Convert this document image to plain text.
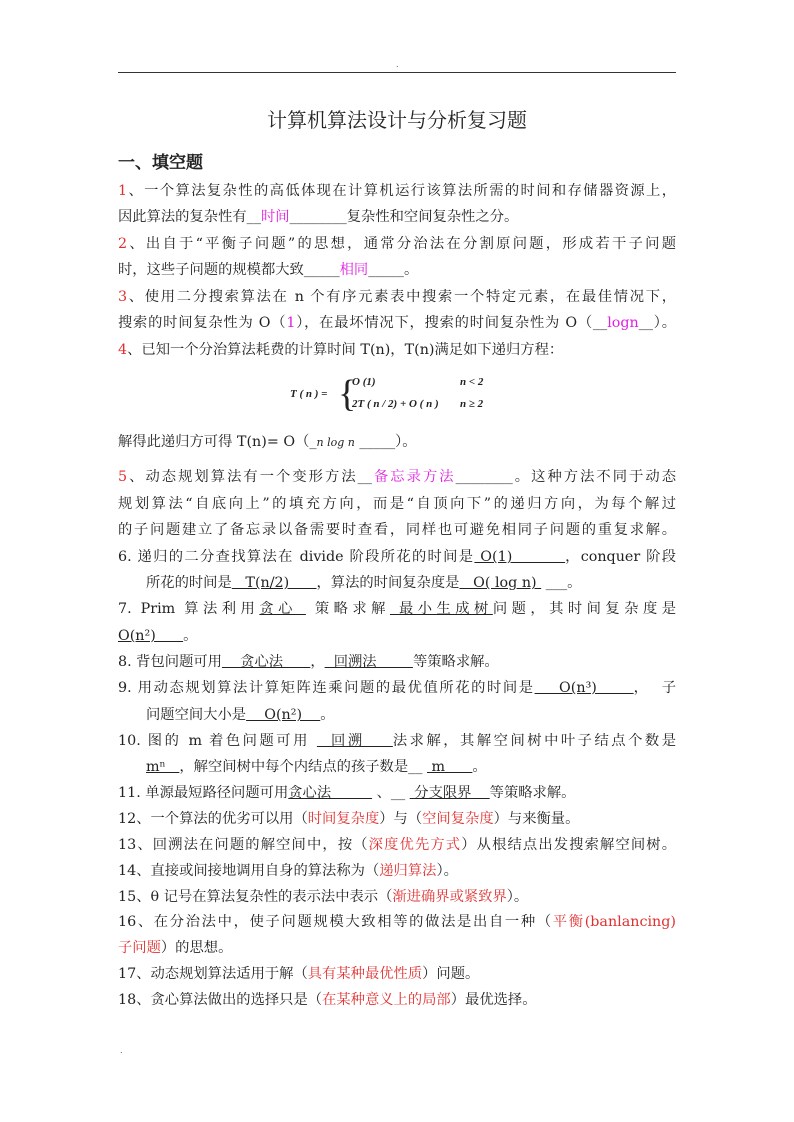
.
计算机算法设计与分析复习题
一、填空题
1、一个算法复杂性的高低体现在计算机运行该算法所需的时间和存储器资源上，
因此算法的复杂性有__时间________复杂性和空间复杂性之分。
2、出自于“平衡子问题”的思想，通常分治法在分割原问题，形成若干子问题
时，这些子问题的规模都大致_____相同_____。
3、使用二分搜索算法在 n 个有序元素表中搜索一个特定元素，在最佳情况下，
搜索的时间复杂性为 O（1），在最坏情况下，搜索的时间复杂性为 O（__logn__）。
4、已知一个分治算法耗费的计算时间 T(n)，T(n)满足如下递归方程：
解得此递归方可得 T(n)= O（_n log n _____）。
5、动态规划算法有一个变形方法__备忘录方法________。这种方法不同于动态
规划算法“自底向上”的填充方向，而是“自顶向下”的递归方向，为每个解过
的子问题建立了备忘录以备需要时查看，同样也可避免相同子问题的重复求解。
6. 递归的二分查找算法在 divide 阶段所花的时间是 O(1)         ，conquer 阶段
所花的时间是   T(n/2)      ，算法的时间复杂度是   O( log n)  ___。
7. Prim 算法利用贪心  策略求解 最小生成树问题，其时间复杂度是
O(n²)      。
8. 背包问题可用    贪心法      ，  回溯法        等策略求解。
9. 用动态规划算法计算矩阵连乘问题的最优值所花的时间是    O(n³)      ，  子
问题空间大小是    O(n²)    。
10. 图的 m 着色问题可用   回溯    法求解，其解空间树中叶子结点个数是
mⁿ   ，解空间树中每个内结点的孩子数是__  m      。
11. 单源最短路径问题可用贪心法          、__  分支限界    等策略求解。
12、一个算法的优劣可以用（时间复杂度）与（空间复杂度）与来衡量。
13、回溯法在问题的解空间中，按（深度优先方式）从根结点出发搜索解空间树。
14、直接或间接地调用自身的算法称为（递归算法）。
15、θ 记号在算法复杂性的表示法中表示（渐进确界或紧致界）。
16、在分治法中，使子问题规模大致相等的做法是出自一种（平衡(banlancing)
子问题）的思想。
17、动态规划算法适用于解（具有某种最优性质）问题。
18、贪心算法做出的选择只是（在某种意义上的局部）最优选择。
T ( n ) = {
O (1)	n < 2
2T ( n / 2) + O ( n ) n ≥ 2
.
